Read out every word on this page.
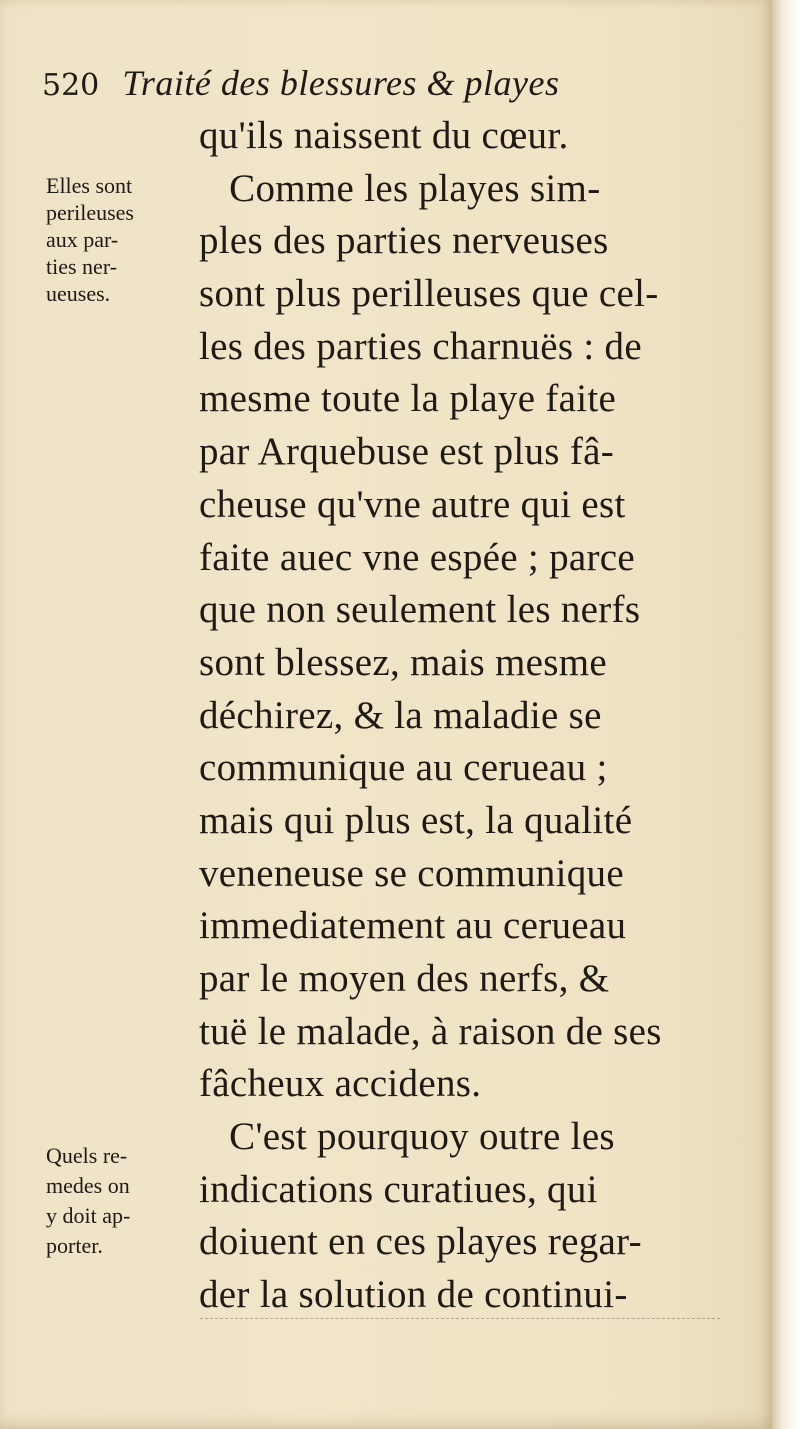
520 Traité des blessures & playes
Elles sont
perileuses
aux par-
ties ner-
ueuses.
Quels re-
medes on
y doit ap-
porter.
qu'ils naissent du cœur.
Comme les playes sim-
ples des parties nerveuses
sont plus perilleuses que cel-
les des parties charnuës : de
mesme toute la playe faite
par Arquebuse est plus fâ-
cheuse qu'vne autre qui est
faite auec vne espée ; parce
que non seulement les nerfs
sont blessez, mais mesme
déchirez, & la maladie se
communique au cerueau ;
mais qui plus est, la qualité
veneneuse se communique
immediatement au cerueau
par le moyen des nerfs, &
tuë le malade, à raison de ses
fâcheux accidens.
C'est pourquoy outre les
indications curatiues, qui
doiuent en ces playes regar-
der la solution de continui-
